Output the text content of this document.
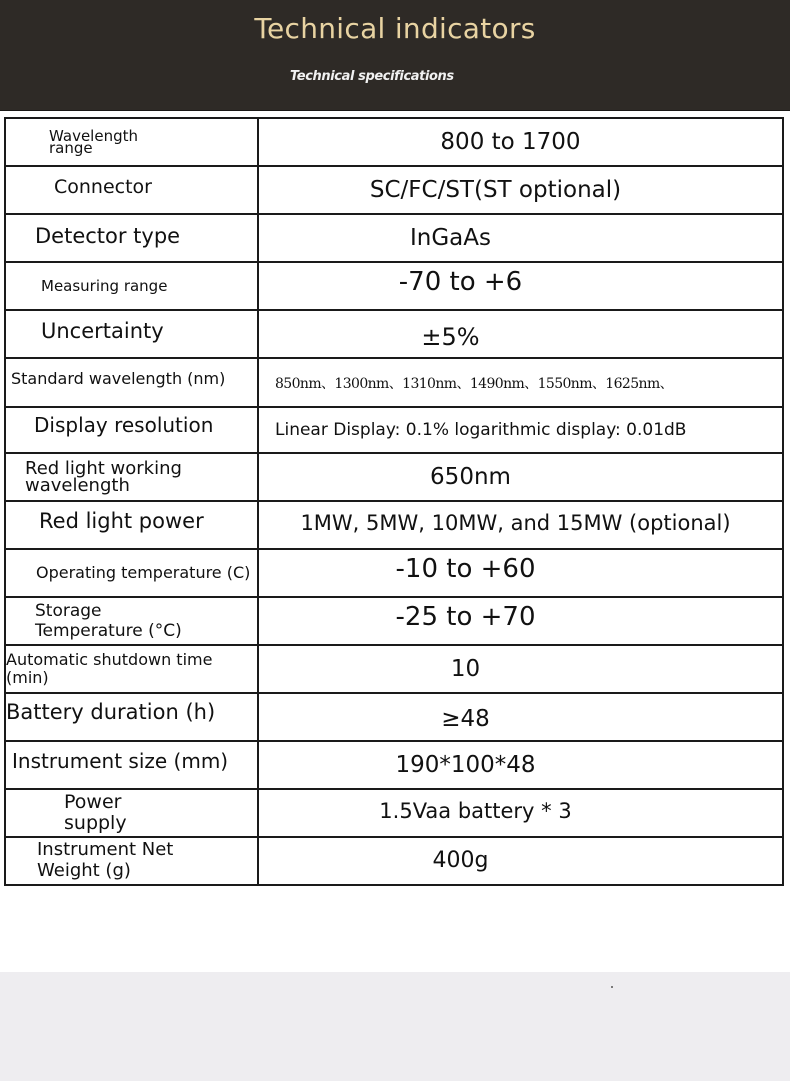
Technical indicators
Technical specifications
Wavelength range	800 to 1700

Connector	SC/FC/ST(ST optional)

Detector type	InGaAs

Measuring range	-70 to +6

Uncertainty	±5%

Standard wavelength (nm)	850nm、1300nm、1310nm、1490nm、1550nm、1625nm、

Display resolution	Linear Display: 0.1% logarithmic display: 0.01dB

Red light working wavelength	650nm

Red light power	1MW, 5MW, 10MW, and 15MW (optional)

Operating temperature (C)	-10 to +60

Storage Temperature (°C)	-25 to +70

Automatic shutdown time (min)	10

Battery duration (h)	≥48

Instrument size (mm)	190*100*48

Power supply	1.5Vaa battery * 3

Instrument Net Weight (g)	400g
